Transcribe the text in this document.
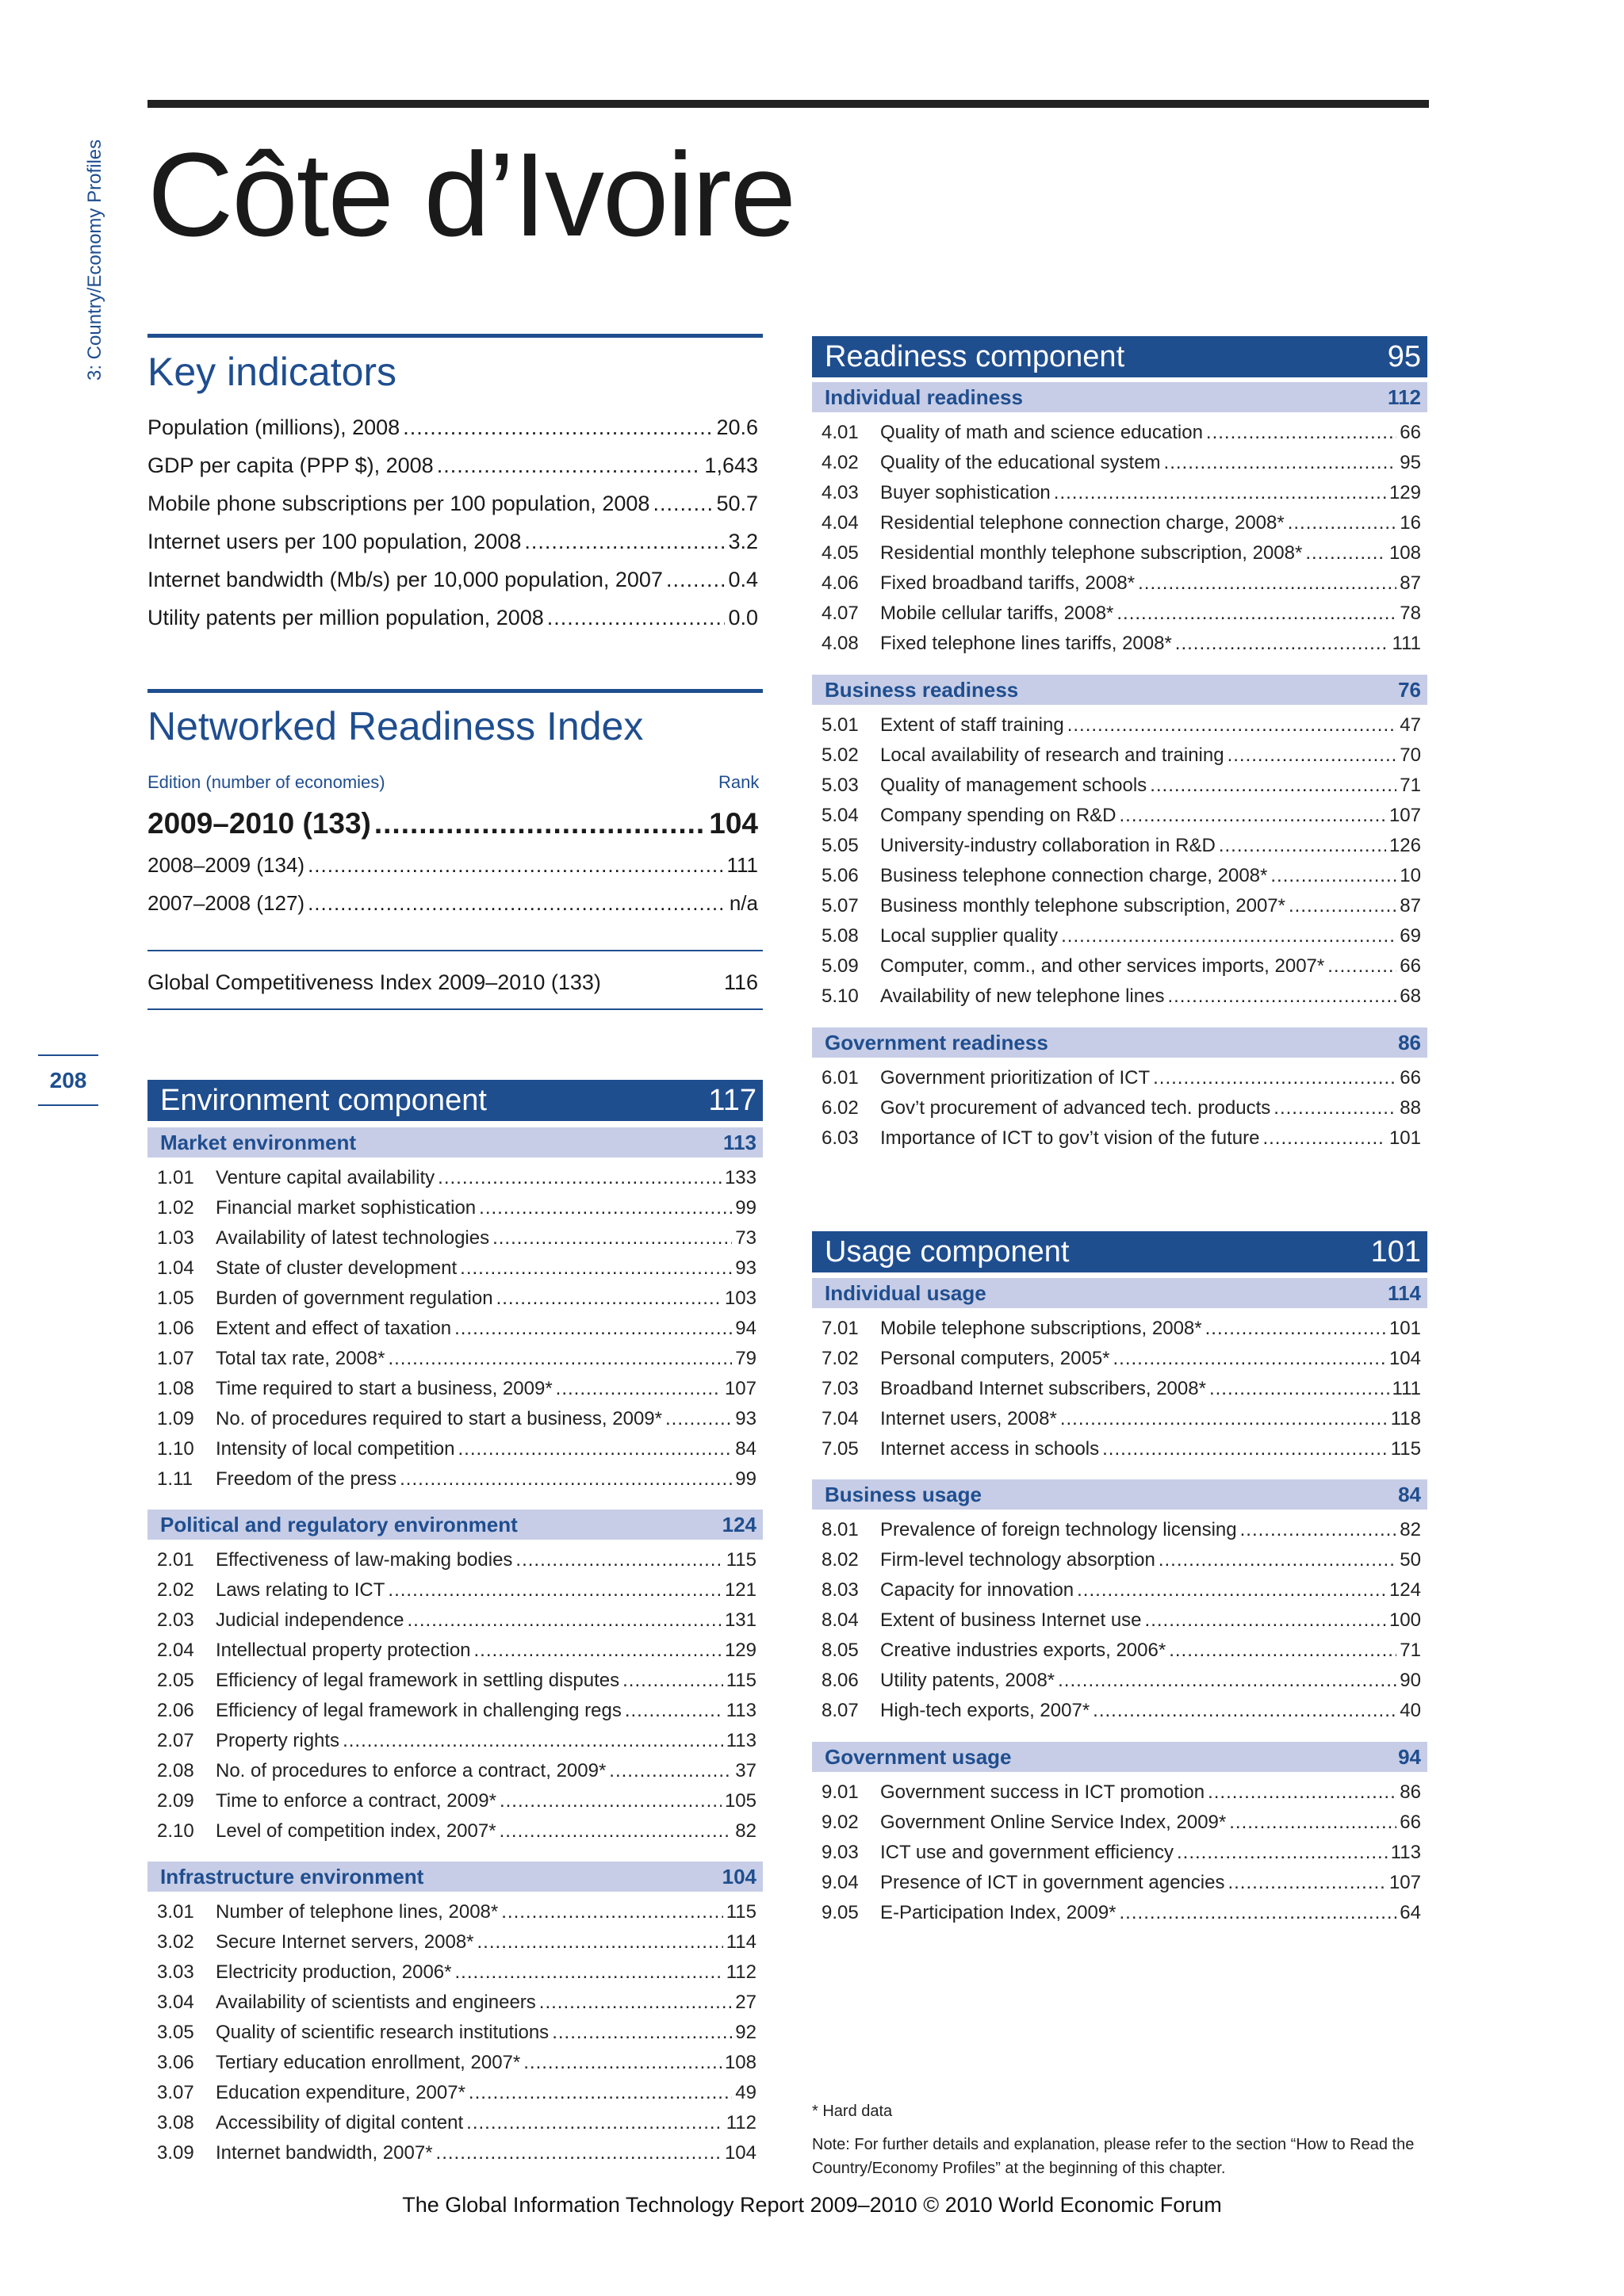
3: Country/Economy Profiles
208
Côte d’Ivoire
Key indicators
Population (millions), 2008 .....	20.6
GDP per capita (PPP $), 2008 .....	1,643
Mobile phone subscriptions per 100 population, 2008 .....	50.7
Internet users per 100 population, 2008 .....	3.2
Internet bandwidth (Mb/s) per 10,000 population, 2007 .....	0.4
Utility patents per million population, 2008 .....	0.0
Networked Readiness Index
Edition (number of economies)	Rank
2009–2010 (133) .....	104
2008–2009 (134) .....	111
2007–2008 (127) .....	n/a
Global Competitiveness Index 2009–2010 (133)	116
Environment component	117
Market environment	113
1.01	Venture capital availability .....	133
1.02	Financial market sophistication .....	99
1.03	Availability of latest technologies .....	73
1.04	State of cluster development .....	93
1.05	Burden of government regulation .....	103
1.06	Extent and effect of taxation .....	94
1.07	Total tax rate, 2008* .....	79
1.08	Time required to start a business, 2009* .....	107
1.09	No. of procedures required to start a business, 2009* .....	93
1.10	Intensity of local competition .....	84
1.11	Freedom of the press .....	99
Political and regulatory environment	124
2.01	Effectiveness of law-making bodies .....	115
2.02	Laws relating to ICT .....	121
2.03	Judicial independence .....	131
2.04	Intellectual property protection .....	129
2.05	Efficiency of legal framework in settling disputes .....	115
2.06	Efficiency of legal framework in challenging regs .....	113
2.07	Property rights .....	113
2.08	No. of procedures to enforce a contract, 2009* .....	37
2.09	Time to enforce a contract, 2009* .....	105
2.10	Level of competition index, 2007* .....	82
Infrastructure environment	104
3.01	Number of telephone lines, 2008* .....	115
3.02	Secure Internet servers, 2008* .....	114
3.03	Electricity production, 2006* .....	112
3.04	Availability of scientists and engineers .....	27
3.05	Quality of scientific research institutions .....	92
3.06	Tertiary education enrollment, 2007* .....	108
3.07	Education expenditure, 2007* .....	49
3.08	Accessibility of digital content .....	112
3.09	Internet bandwidth, 2007* .....	104
Readiness component	95
Individual readiness	112
4.01	Quality of math and science education .....	66
4.02	Quality of the educational system .....	95
4.03	Buyer sophistication .....	129
4.04	Residential telephone connection charge, 2008* .....	16
4.05	Residential monthly telephone subscription, 2008* .....	108
4.06	Fixed broadband tariffs, 2008* .....	87
4.07	Mobile cellular tariffs, 2008* .....	78
4.08	Fixed telephone lines tariffs, 2008* .....	111
Business readiness	76
5.01	Extent of staff training .....	47
5.02	Local availability of research and training .....	70
5.03	Quality of management schools .....	71
5.04	Company spending on R&D .....	107
5.05	University-industry collaboration in R&D .....	126
5.06	Business telephone connection charge, 2008* .....	10
5.07	Business monthly telephone subscription, 2007* .....	87
5.08	Local supplier quality .....	69
5.09	Computer, comm., and other services imports, 2007* .....	66
5.10	Availability of new telephone lines .....	68
Government readiness	86
6.01	Government prioritization of ICT .....	66
6.02	Gov’t procurement of advanced tech. products .....	88
6.03	Importance of ICT to gov’t vision of the future .....	101
Usage component	101
Individual usage	114
7.01	Mobile telephone subscriptions, 2008* .....	101
7.02	Personal computers, 2005* .....	104
7.03	Broadband Internet subscribers, 2008* .....	111
7.04	Internet users, 2008* .....	118
7.05	Internet access in schools .....	115
Business usage	84
8.01	Prevalence of foreign technology licensing .....	82
8.02	Firm-level technology absorption .....	50
8.03	Capacity for innovation .....	124
8.04	Extent of business Internet use .....	100
8.05	Creative industries exports, 2006* .....	71
8.06	Utility patents, 2008* .....	90
8.07	High-tech exports, 2007* .....	40
Government usage	94
9.01	Government success in ICT promotion .....	86
9.02	Government Online Service Index, 2009* .....	66
9.03	ICT use and government efficiency .....	113
9.04	Presence of ICT in government agencies .....	107
9.05	E-Participation Index, 2009* .....	64
* Hard data
Note: For further details and explanation, please refer to the section “How to Read the Country/Economy Profiles” at the beginning of this chapter.
The Global Information Technology Report 2009–2010 © 2010 World Economic Forum
